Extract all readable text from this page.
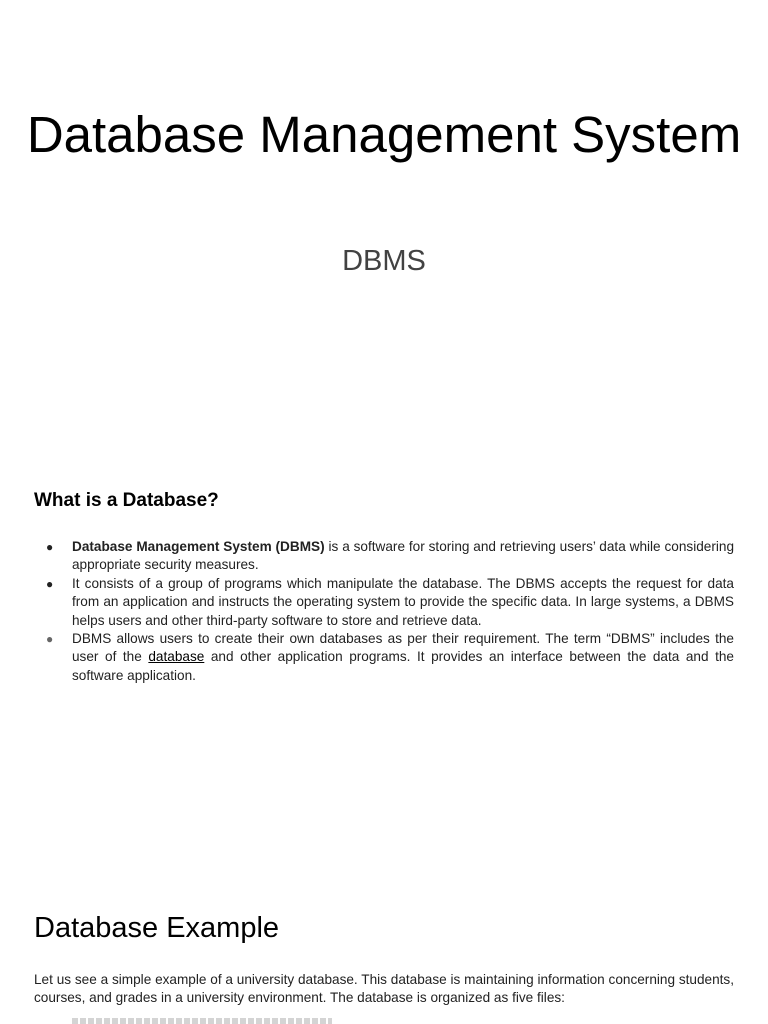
Database Management System
DBMS
What is a Database?
● Database Management System (DBMS) is a software for storing and retrieving users’ data while considering appropriate security measures.
● It consists of a group of programs which manipulate the database. The DBMS accepts the request for data from an application and instructs the operating system to provide the specific data. In large systems, a DBMS helps users and other third-party software to store and retrieve data.
● DBMS allows users to create their own databases as per their requirement. The term “DBMS” includes the user of the database and other application programs. It provides an interface between the data and the software application.
Database Example

Let us see a simple example of a university database. This database is maintaining information concerning students, courses, and grades in a university environment. The database is organized as five files:
